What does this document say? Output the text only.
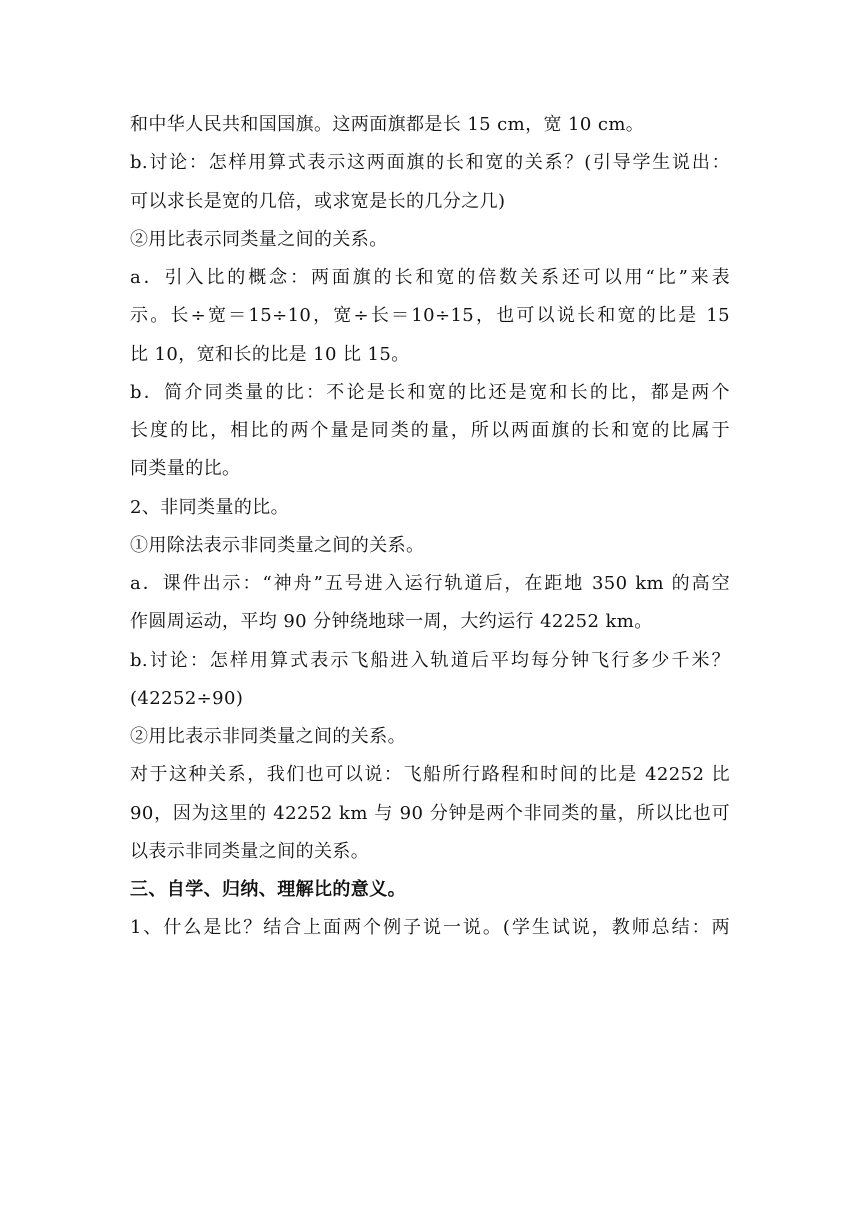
和中华人民共和国国旗。这两面旗都是长 15 cm，宽 10 cm。
b.讨论：怎样用算式表示这两面旗的长和宽的关系？(引导学生说出：
可以求长是宽的几倍，或求宽是长的几分之几)
②用比表示同类量之间的关系。
a．引入比的概念：两面旗的长和宽的倍数关系还可以用“比”来表
示。长÷宽＝15÷10，宽÷长＝10÷15，也可以说长和宽的比是 15
比 10，宽和长的比是 10 比 15。
b．简介同类量的比：不论是长和宽的比还是宽和长的比，都是两个
长度的比，相比的两个量是同类的量，所以两面旗的长和宽的比属于
同类量的比。
2、非同类量的比。
①用除法表示非同类量之间的关系。
a．课件出示：“神舟”五号进入运行轨道后，在距地 350 km 的高空
作圆周运动，平均 90 分钟绕地球一周，大约运行 42252 km。
b.讨论：怎样用算式表示飞船进入轨道后平均每分钟飞行多少千米？
(42252÷90)
②用比表示非同类量之间的关系。
对于这种关系，我们也可以说：飞船所行路程和时间的比是 42252 比
90，因为这里的 42252 km 与 90 分钟是两个非同类的量，所以比也可
以表示非同类量之间的关系。
三、自学、归纳、理解比的意义。
1、什么是比？结合上面两个例子说一说。(学生试说，教师总结：两
